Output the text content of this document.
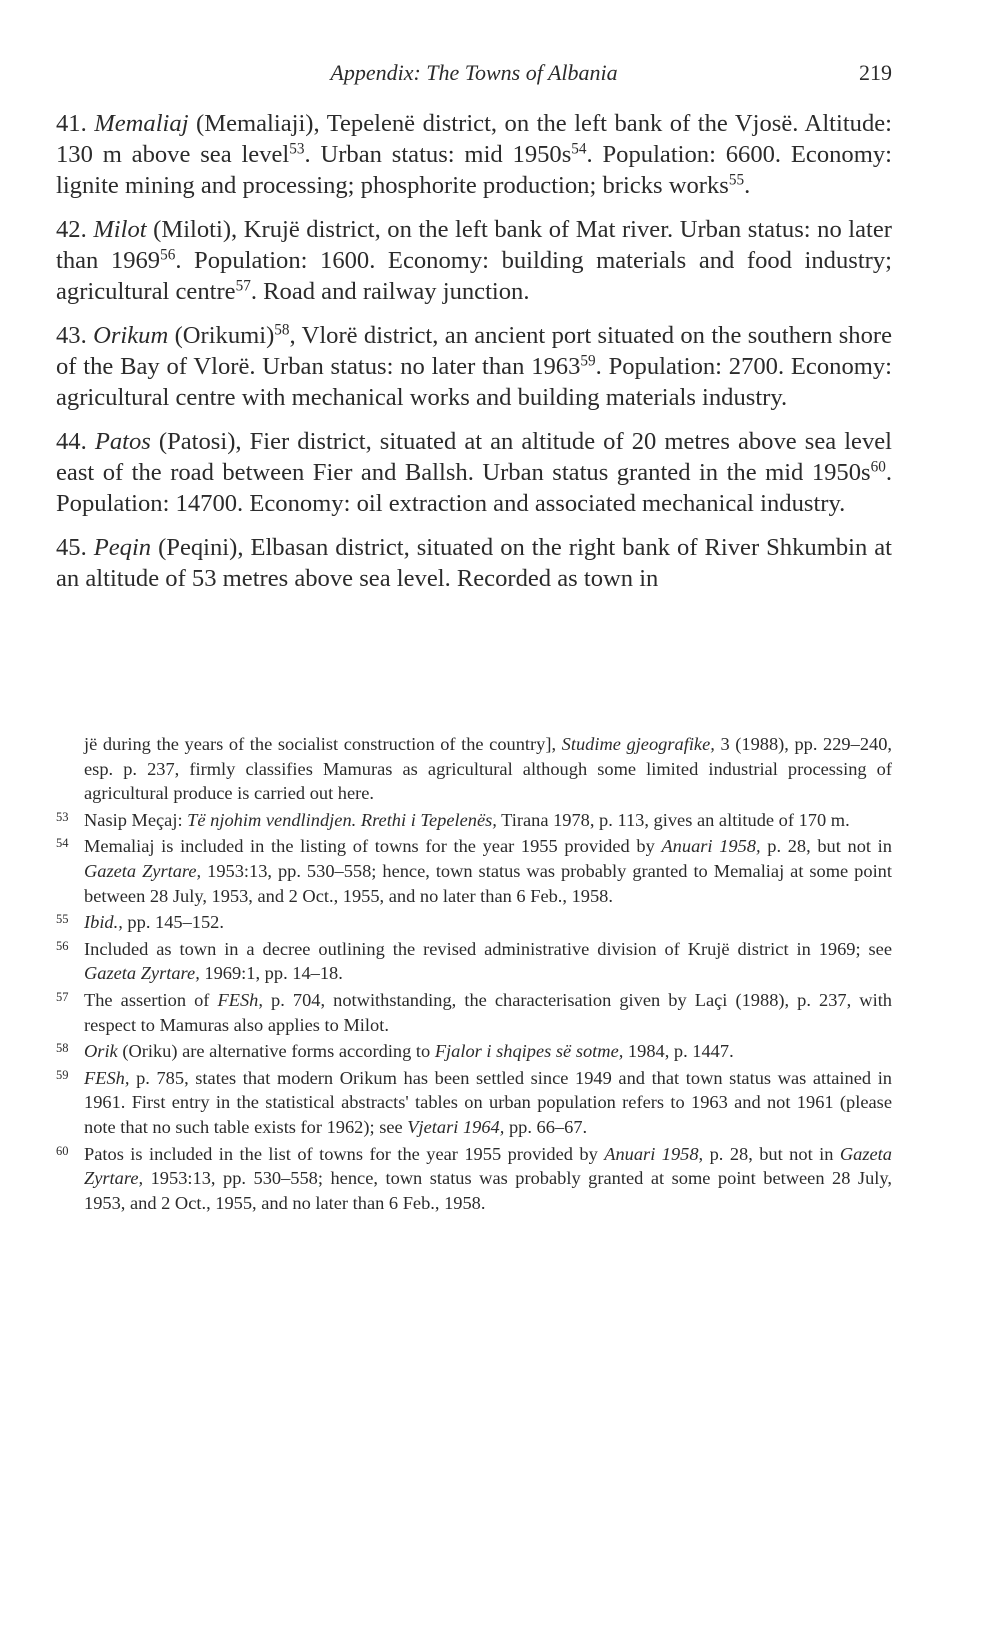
Appendix: The Towns of Albania	219

41. Memaliaj (Memaliaji), Tepelenë district, on the left bank of the Vjosë. Altitude: 130 m above sea level$^{53}$. Urban status: mid $1950s^{54}$. Population: 6600. Economy: lignite mining and processing; phosphorite production; bricks works$^{55}$.

42. Milot (Miloti), Krujë district, on the left bank of Mat river. Urban status: no later than 1969$^{56}$. Population: 1600. Economy: building materials and food industry; agricultural centre$^{57}$. Road and railway junction.

43. Orikum (Orikumi)$^{58}$, Vlorë district, an ancient port situated on the southern shore of the Bay of Vlorë. Urban status: no later than 1963$^{59}$. Population: 2700. Economy: agricultural centre with mechanical works and building materials industry.

44. Patos (Patosi), Fier district, situated at an altitude of 20 metres above sea level east of the road between Fier and Ballsh. Urban status granted in the mid $1950s^{60}$. Population: 14700. Economy: oil extraction and associated mechanical industry.

45. Peqin (Peqini), Elbasan district, situated on the right bank of River Shkumbin at an altitude of 53 metres above sea level. Recorded as town in

jë during the years of the socialist construction of the country], Studime gjeografike, 3 (1988), pp. 229–240, esp. p. 237, firmly classifies Mamuras as agricultural although some limited industrial processing of agricultural produce is carried out here.

53 Nasip Meçaj: Të njohim vendlindjen. Rrethi i Tepelenës, Tirana 1978, p. 113, gives an altitude of 170 m.

54 Memaliaj is included in the listing of towns for the year 1955 provided by Anuari 1958, p. 28, but not in Gazeta Zyrtare, 1953:13, pp. 530–558; hence, town status was probably granted to Memaliaj at some point between 28 July, 1953, and 2 Oct., 1955, and no later than 6 Feb., 1958.

55 Ibid., pp. 145–152.

56 Included as town in a decree outlining the revised administrative division of Krujë district in 1969; see Gazeta Zyrtare, 1969:1, pp. 14–18.

57 The assertion of FESh, p. 704, notwithstanding, the characterisation given by Laçi (1988), p. 237, with respect to Mamuras also applies to Milot.

58 Orik (Oriku) are alternative forms according to Fjalor i shqipes së sotme, 1984, p. 1447.

59 FESh, p. 785, states that modern Orikum has been settled since 1949 and that town status was attained in 1961. First entry in the statistical abstracts' tables on urban population refers to 1963 and not 1961 (please note that no such table exists for 1962); see Vjetari 1964, pp. 66–67.

60 Patos is included in the list of towns for the year 1955 provided by Anuari 1958, p. 28, but not in Gazeta Zyrtare, 1953:13, pp. 530–558; hence, town status was probably granted at some point between 28 July, 1953, and 2 Oct., 1955, and no later than 6 Feb., 1958.
